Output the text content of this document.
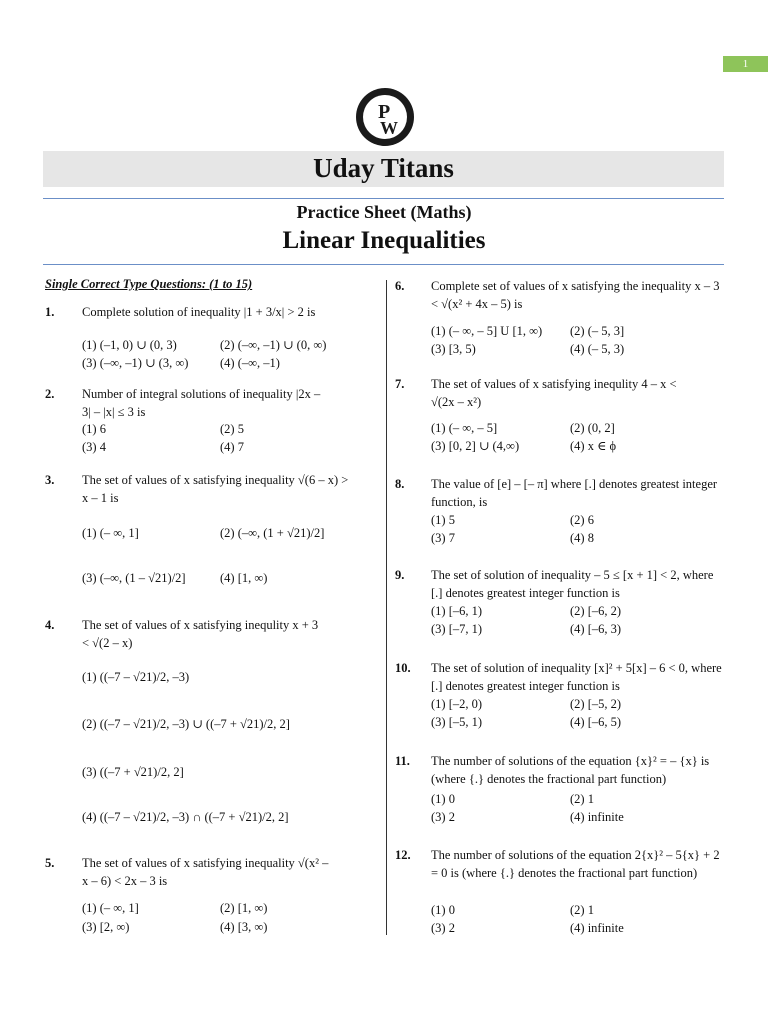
1
P
W
Uday Titans
Practice Sheet (Maths)
Linear Inequalities
Single Correct Type Questions: (1 to 15)
1. Complete solution of inequality |1 + 3/x| > 2 is
(1) (–1, 0) ∪ (0, 3)	(2) (–∞, –1) ∪ (0, ∞)
(3) (–∞, –1) ∪ (3, ∞)	(4) (–∞, –1)
2. Number of integral solutions of inequality |2x – 3| – |x| ≤ 3 is
(1) 6	(2) 5
(3) 4	(4) 7
3. The set of values of x satisfying inequality √(6 – x) > x – 1 is
(1) (– ∞, 1]	(2) (–∞, (1 + √21)/2]
(3) (–∞, (1 – √21)/2]	(4) [1, ∞)
4. The set of values of x satisfying inequlity x + 3 < √(2 – x)
(1) ((–7 – √21)/2, –3)
(2) ((–7 – √21)/2, –3) ∪ ((–7 + √21)/2, 2]
(3) ((–7 + √21)/2, 2]
(4) ((–7 – √21)/2, –3) ∩ ((–7 + √21)/2, 2]
5. The set of values of x satisfying inequality √(x² – x – 6) < 2x – 3 is
(1) (– ∞, 1]	(2) [1, ∞)
(3) [2, ∞)	(4) [3, ∞)
6. Complete set of values of x satisfying the inequality x – 3 < √(x² + 4x – 5) is
(1) (– ∞, – 5] U [1, ∞) (2) (– 5, 3]
(3) [3, 5)	(4) (– 5, 3)
7. The set of values of x satisfying inequlity 4 – x < √(2x – x²)
(1) (– ∞, – 5]	(2) (0, 2]
(3) [0, 2] ∪ (4,∞)	(4) x ∈ ϕ
8. The value of [e] – [– π] where [.] denotes greatest integer function, is
(1) 5	(2) 6
(3) 7	(4) 8
9. The set of solution of inequality – 5 ≤ [x + 1] < 2, where [.] denotes greatest integer function is
(1) [–6, 1)	(2) [–6, 2)
(3) [–7, 1)	(4) [–6, 3)
10. The set of solution of inequality [x]² + 5[x] – 6 < 0, where [.] denotes greatest integer function is
(1) [–2, 0)	(2) [–5, 2)
(3) [–5, 1)	(4) [–6, 5)
11. The number of solutions of the equation {x}² = – {x} is (where {.} denotes the fractional part function)
(1) 0	(2) 1
(3) 2	(4) infinite
12. The number of solutions of the equation 2{x}² – 5{x} + 2 = 0 is (where {.} denotes the fractional part function)
(1) 0	(2) 1
(3) 2	(4) infinite
